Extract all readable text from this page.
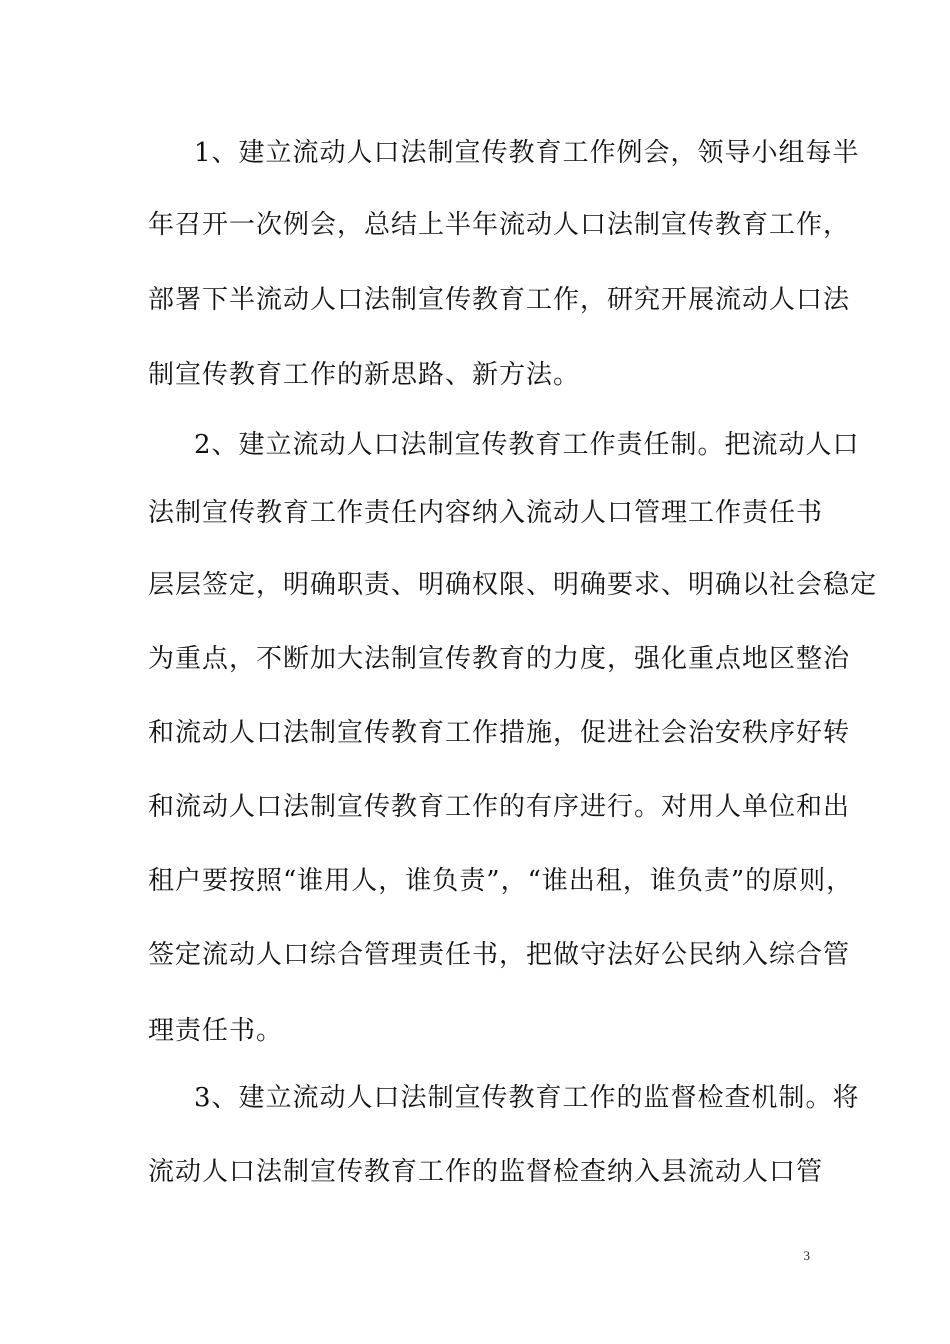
1、建立流动人口法制宣传教育工作例会，领导小组每半
年召开一次例会，总结上半年流动人口法制宣传教育工作，
部署下半流动人口法制宣传教育工作，研究开展流动人口法
制宣传教育工作的新思路、新方法。
2、建立流动人口法制宣传教育工作责任制。把流动人口
法制宣传教育工作责任内容纳入流动人口管理工作责任书
层层签定，明确职责、明确权限、明确要求、明确以社会稳定
为重点，不断加大法制宣传教育的力度，强化重点地区整治
和流动人口法制宣传教育工作措施，促进社会治安秩序好转
和流动人口法制宣传教育工作的有序进行。对用人单位和出
租户要按照“谁用人，谁负责”，“谁出租，谁负责”的原则，
签定流动人口综合管理责任书，把做守法好公民纳入综合管
理责任书。
3、建立流动人口法制宣传教育工作的监督检查机制。将
流动人口法制宣传教育工作的监督检查纳入县流动人口管
3
